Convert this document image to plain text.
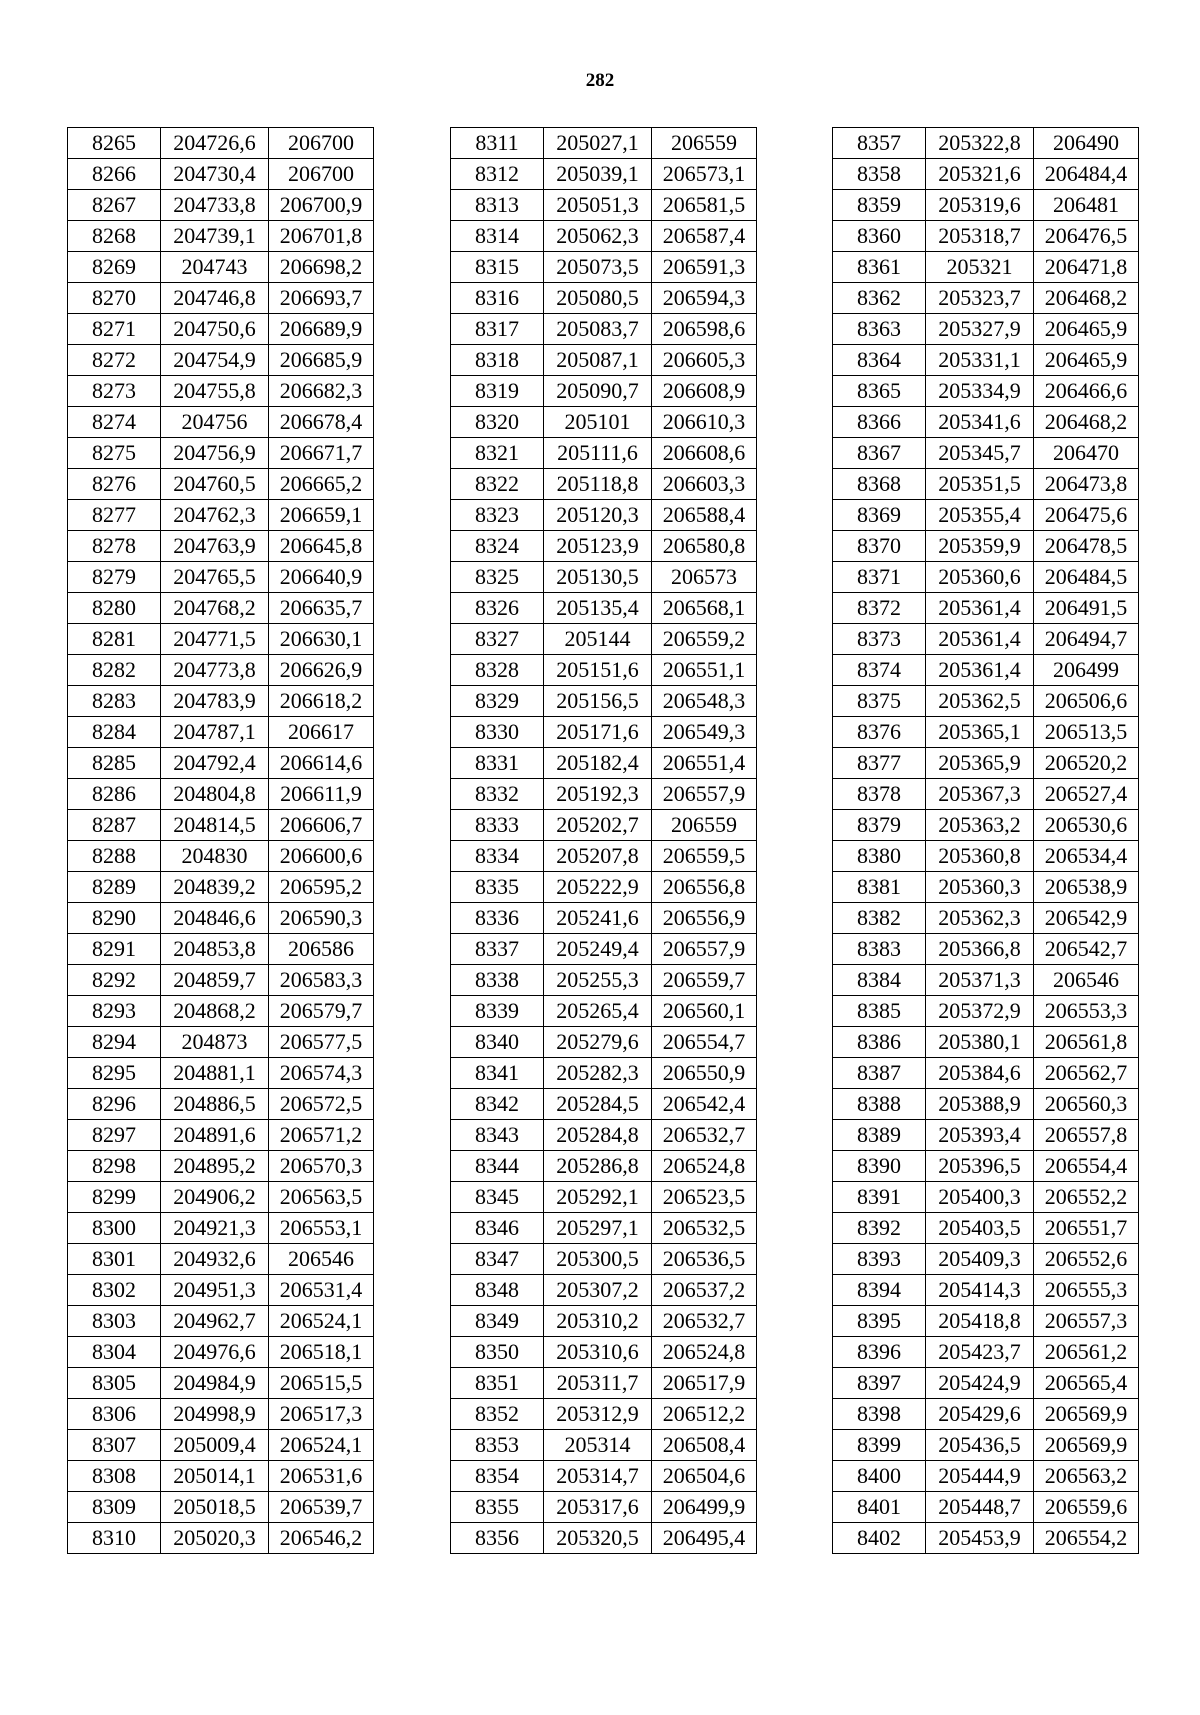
282
8265	204726,6	206700
8266	204730,4	206700
8267	204733,8	206700,9
8268	204739,1	206701,8
8269	204743	206698,2
8270	204746,8	206693,7
8271	204750,6	206689,9
8272	204754,9	206685,9
8273	204755,8	206682,3
8274	204756	206678,4
8275	204756,9	206671,7
8276	204760,5	206665,2
8277	204762,3	206659,1
8278	204763,9	206645,8
8279	204765,5	206640,9
8280	204768,2	206635,7
8281	204771,5	206630,1
8282	204773,8	206626,9
8283	204783,9	206618,2
8284	204787,1	206617
8285	204792,4	206614,6
8286	204804,8	206611,9
8287	204814,5	206606,7
8288	204830	206600,6
8289	204839,2	206595,2
8290	204846,6	206590,3
8291	204853,8	206586
8292	204859,7	206583,3
8293	204868,2	206579,7
8294	204873	206577,5
8295	204881,1	206574,3
8296	204886,5	206572,5
8297	204891,6	206571,2
8298	204895,2	206570,3
8299	204906,2	206563,5
8300	204921,3	206553,1
8301	204932,6	206546
8302	204951,3	206531,4
8303	204962,7	206524,1
8304	204976,6	206518,1
8305	204984,9	206515,5
8306	204998,9	206517,3
8307	205009,4	206524,1
8308	205014,1	206531,6
8309	205018,5	206539,7
8310	205020,3	206546,2
8311	205027,1	206559
8312	205039,1	206573,1
8313	205051,3	206581,5
8314	205062,3	206587,4
8315	205073,5	206591,3
8316	205080,5	206594,3
8317	205083,7	206598,6
8318	205087,1	206605,3
8319	205090,7	206608,9
8320	205101	206610,3
8321	205111,6	206608,6
8322	205118,8	206603,3
8323	205120,3	206588,4
8324	205123,9	206580,8
8325	205130,5	206573
8326	205135,4	206568,1
8327	205144	206559,2
8328	205151,6	206551,1
8329	205156,5	206548,3
8330	205171,6	206549,3
8331	205182,4	206551,4
8332	205192,3	206557,9
8333	205202,7	206559
8334	205207,8	206559,5
8335	205222,9	206556,8
8336	205241,6	206556,9
8337	205249,4	206557,9
8338	205255,3	206559,7
8339	205265,4	206560,1
8340	205279,6	206554,7
8341	205282,3	206550,9
8342	205284,5	206542,4
8343	205284,8	206532,7
8344	205286,8	206524,8
8345	205292,1	206523,5
8346	205297,1	206532,5
8347	205300,5	206536,5
8348	205307,2	206537,2
8349	205310,2	206532,7
8350	205310,6	206524,8
8351	205311,7	206517,9
8352	205312,9	206512,2
8353	205314	206508,4
8354	205314,7	206504,6
8355	205317,6	206499,9
8356	205320,5	206495,4
8357	205322,8	206490
8358	205321,6	206484,4
8359	205319,6	206481
8360	205318,7	206476,5
8361	205321	206471,8
8362	205323,7	206468,2
8363	205327,9	206465,9
8364	205331,1	206465,9
8365	205334,9	206466,6
8366	205341,6	206468,2
8367	205345,7	206470
8368	205351,5	206473,8
8369	205355,4	206475,6
8370	205359,9	206478,5
8371	205360,6	206484,5
8372	205361,4	206491,5
8373	205361,4	206494,7
8374	205361,4	206499
8375	205362,5	206506,6
8376	205365,1	206513,5
8377	205365,9	206520,2
8378	205367,3	206527,4
8379	205363,2	206530,6
8380	205360,8	206534,4
8381	205360,3	206538,9
8382	205362,3	206542,9
8383	205366,8	206542,7
8384	205371,3	206546
8385	205372,9	206553,3
8386	205380,1	206561,8
8387	205384,6	206562,7
8388	205388,9	206560,3
8389	205393,4	206557,8
8390	205396,5	206554,4
8391	205400,3	206552,2
8392	205403,5	206551,7
8393	205409,3	206552,6
8394	205414,3	206555,3
8395	205418,8	206557,3
8396	205423,7	206561,2
8397	205424,9	206565,4
8398	205429,6	206569,9
8399	205436,5	206569,9
8400	205444,9	206563,2
8401	205448,7	206559,6
8402	205453,9	206554,2
